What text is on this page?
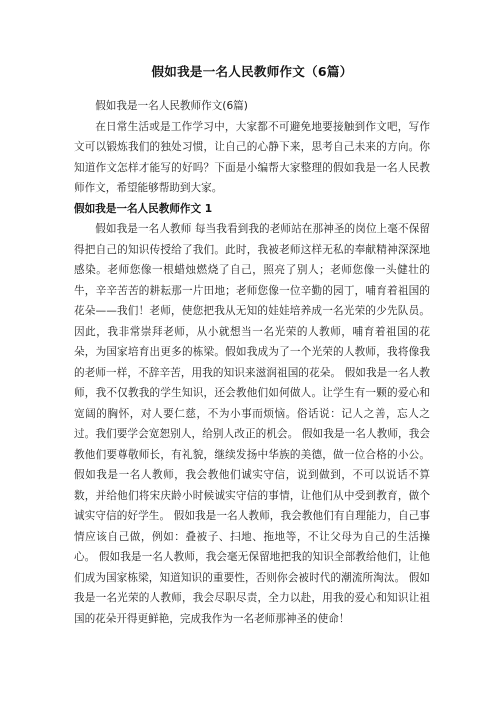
假如我是一名人民教师作文（6篇）

假如我是一名人民教师作文(6篇)

在日常生活或是工作学习中，大家都不可避免地要接触到作文吧，写作文可以锻炼我们的独处习惯，让自己的心静下来，思考自己未来的方向。你知道作文怎样才能写的好吗？下面是小编帮大家整理的假如我是一名人民教师作文，希望能够帮助到大家。

假如我是一名人民教师作文 1

假如我是一名人教师 每当我看到我的老师站在那神圣的岗位上毫不保留得把自己的知识传授给了我们。此时，我被老师这样无私的奉献精神深深地感染。老师您像一根蜡烛燃烧了自己，照亮了别人；老师您像一头健壮的牛，辛辛苦苦的耕耘那一片田地；老师您像一位辛勤的园丁，哺育着祖国的花朵——我们！老师，使您把我从无知的娃娃培养成一名光荣的少先队员。因此，我非常崇拜老师，从小就想当一名光荣的人教师，哺育着祖国的花朵，为国家培育出更多的栋梁。假如我成为了一个光荣的人教师，我将像我的老师一样，不辞辛苦，用我的知识来滋润祖国的花朵。 假如我是一名人教师，我不仅教我的学生知识，还会教他们如何做人。让学生有一颗的爱心和宽阔的胸怀，对人要仁慈，不为小事而烦恼。俗话说：记人之善，忘人之过。我们要学会宽恕别人，给别人改正的机会。 假如我是一名人教师，我会教他们要尊敬师长，有礼貌，继续发扬中华族的美德，做一位合格的小公。假如我是一名人教师，我会教他们诚实守信，说到做到，不可以说话不算数，并给他们将宋庆龄小时候诚实守信的事情，让他们从中受到教育，做个诚实守信的好学生。 假如我是一名人教师，我会教他们有自理能力，自己事情应该自己做，例如：叠被子、扫地、拖地等，不让父母为自己的生活操心。 假如我是一名人教师，我会毫无保留地把我的知识全部教给他们，让他们成为国家栋梁，知道知识的重要性，否则你会被时代的潮流所淘汰。 假如我是一名光荣的人教师，我会尽职尽责，全力以赴，用我的爱心和知识让祖国的花朵开得更鲜艳，完成我作为一名老师那神圣的使命！
